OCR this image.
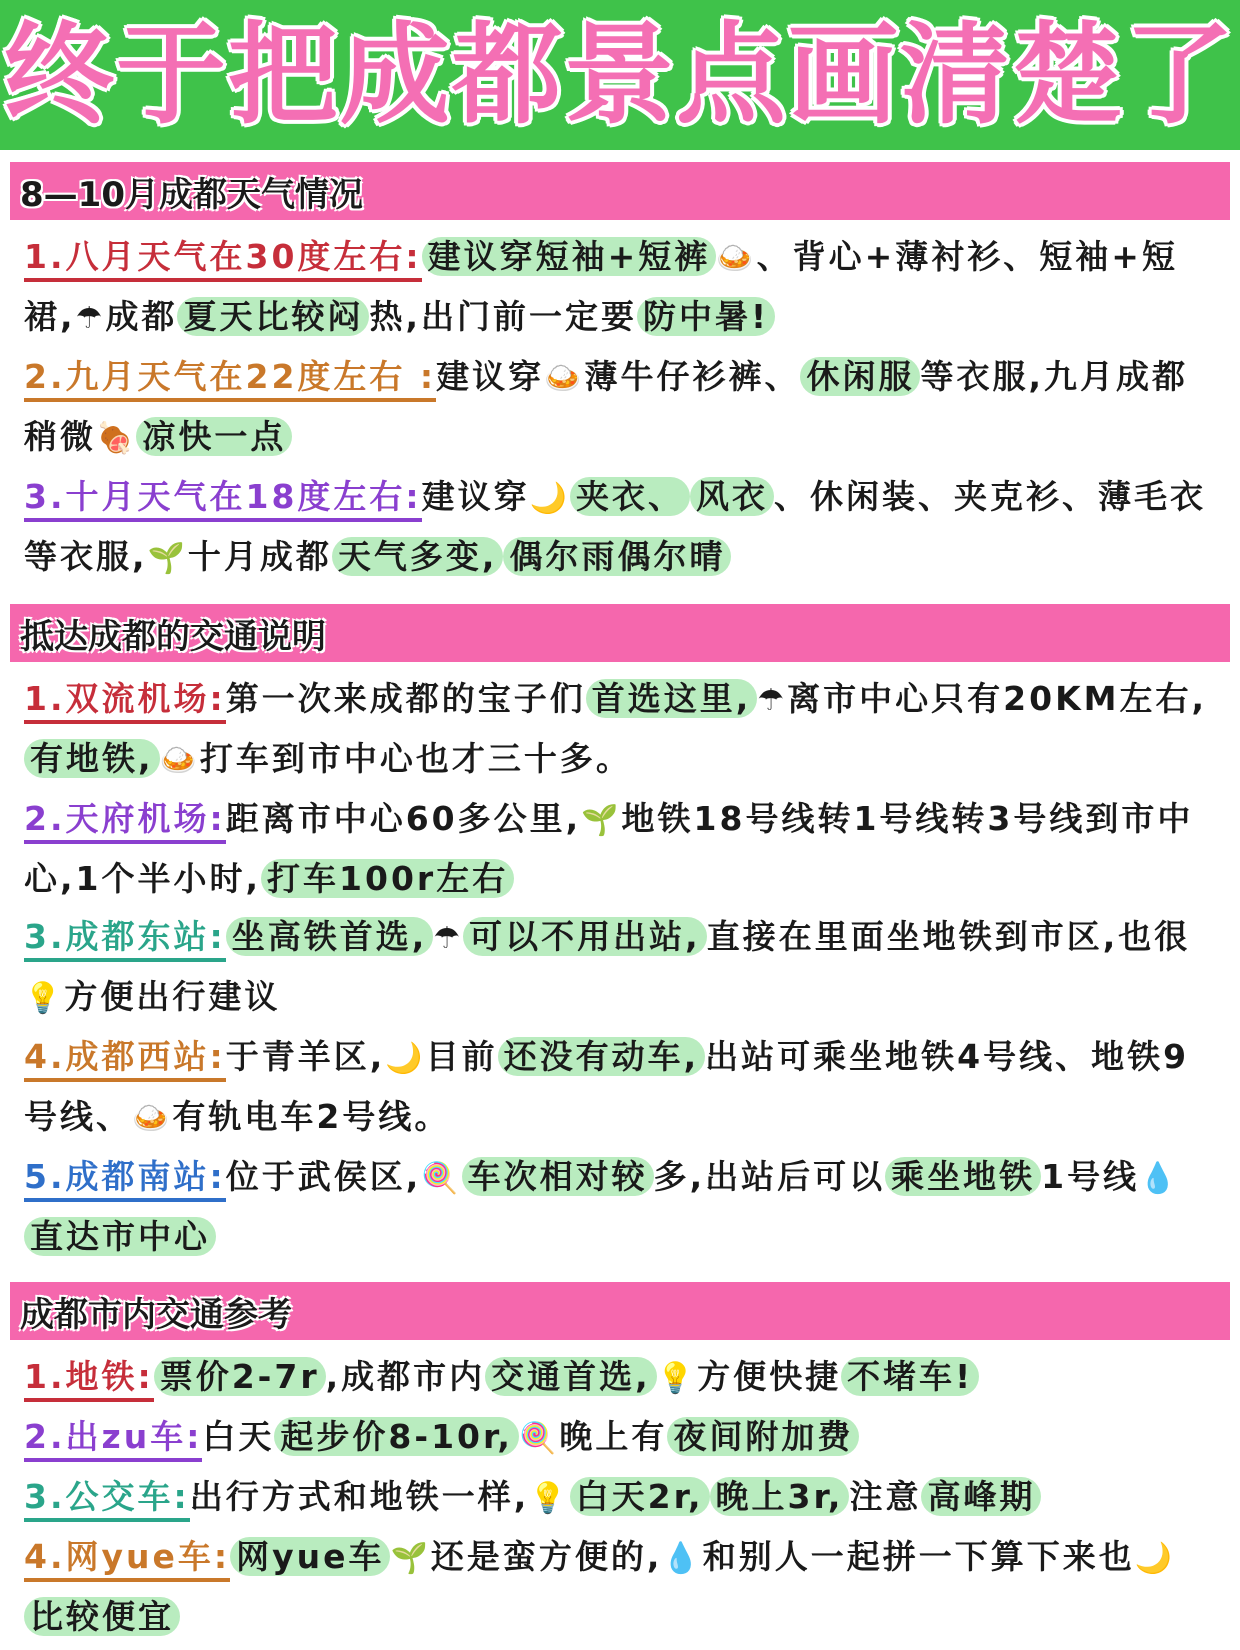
终于把成都景点画清楚了
8—10月成都天气情况
1.八月天气在30度左右: 建议穿短袖+短裤 🍛、背心+薄衬衫、短袖+短裙,☂成都 夏天比较闷 热,出门前一定要 防中暑!
2.九月天气在22度左右 :建议穿🍛薄牛仔衫裤、 休闲服 等衣服,九月成都稍微🍖 凉快一点
3.十月天气在18度左右:建议穿🌙 夹衣、 风衣 、休闲装、夹克衫、薄毛衣等衣服,🌱十月成都 天气多变, 偶尔雨偶尔晴
抵达成都的交通说明
1.双流机场:第一次来成都的宝子们 首选这里, ☂离市中心只有20KM左右,有地铁, 🍛打车到市中心也才三十多。
2.天府机场:距离市中心60多公里,🌱地铁18号线转1号线转3号线到市中心,1个半小时, 打车100r左右
3.成都东站: 坐高铁首选, ☂ 可以不用出站, 直接在里面坐地铁到市区,也很💡方便出行建议
4.成都西站:于青羊区,🌙目前 还没有动车, 出站可乘坐地铁4号线、地铁9号线、🍛有轨电车2号线。
5.成都南站:位于武侯区,🍭 车次相对较 多,出站后可以 乘坐地铁 1号线💧直达市中心
成都市内交通参考
1.地铁: 票价2-7r ,成都市内 交通首选, 💡方便快捷 不堵车!
2.出zu车:白天 起步价8-10r, 🍭晚上有 夜间附加费
3.公交车:出行方式和地铁一样,💡 白天2r, 晚上3r, 注意 高峰期
4.网yue车: 网yue车 🌱还是蛮方便的,💧和别人一起拼一下算下来也🌙比较便宜
